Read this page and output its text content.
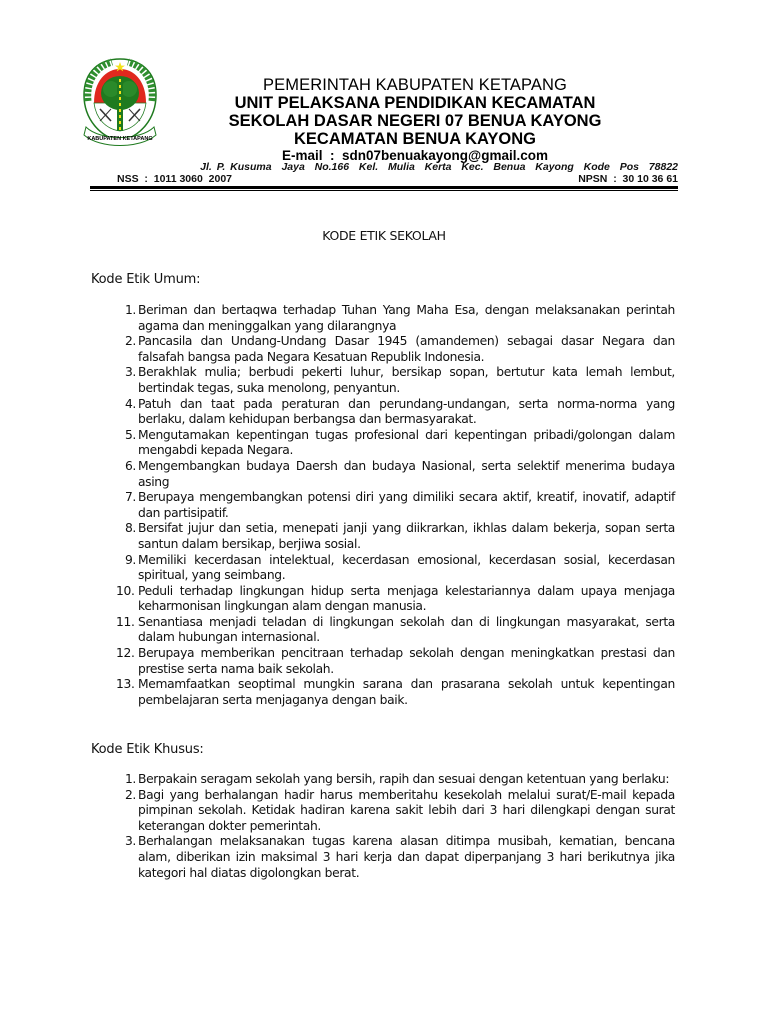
KABUPATEN KETAPANG
PEMERINTAH KABUPATEN KETAPANG
UNIT PELAKSANA PENDIDIKAN KECAMATAN
SEKOLAH DASAR NEGERI 07 BENUA KAYONG
KECAMATAN BENUA KAYONG
E-mail  :  sdn07benuakayong@gmail.com
Jl. P. Kusuma  Jaya  No.166  Kel.  Mulia  Kerta  Kec.  Benua  Kayong  Kode  Pos  78822
NSS  :  1011 3060  2007	NPSN  :  30 10 36 61
KODE ETIK SEKOLAH
Kode Etik Umum:
1. Beriman dan bertaqwa terhadap Tuhan Yang Maha Esa, dengan melaksanakan perintah agama dan meninggalkan yang dilarangnya
2. Pancasila dan Undang-Undang Dasar 1945 (amandemen) sebagai dasar Negara dan falsafah bangsa pada Negara Kesatuan Republik Indonesia.
3. Berakhlak mulia; berbudi pekerti luhur, bersikap sopan, bertutur kata lemah lembut, bertindak tegas, suka menolong, penyantun.
4. Patuh dan taat pada peraturan dan perundang-undangan, serta norma-norma yang berlaku, dalam kehidupan berbangsa dan bermasyarakat.
5. Mengutamakan kepentingan tugas profesional dari kepentingan pribadi/golongan dalam mengabdi kepada Negara.
6. Mengembangkan budaya Daersh dan budaya Nasional, serta selektif menerima budaya asing
7. Berupaya mengembangkan potensi diri yang dimiliki secara aktif, kreatif, inovatif, adaptif dan partisipatif.
8. Bersifat jujur dan setia, menepati janji yang diikrarkan, ikhlas dalam bekerja, sopan serta santun dalam bersikap, berjiwa sosial.
9. Memiliki kecerdasan intelektual, kecerdasan emosional, kecerdasan sosial, kecerdasan spiritual, yang seimbang.
10. Peduli terhadap lingkungan hidup serta menjaga kelestariannya dalam upaya menjaga keharmonisan lingkungan alam dengan manusia.
11. Senantiasa menjadi teladan di lingkungan sekolah dan di lingkungan masyarakat, serta dalam hubungan internasional.
12. Berupaya memberikan pencitraan terhadap sekolah dengan meningkatkan prestasi dan prestise serta nama baik sekolah.
13. Memamfaatkan seoptimal mungkin sarana dan prasarana sekolah untuk kepentingan pembelajaran serta menjaganya dengan baik.
Kode Etik Khusus:
1. Berpakain seragam sekolah yang bersih, rapih dan sesuai dengan ketentuan yang berlaku:
2. Bagi yang berhalangan hadir harus memberitahu kesekolah melalui surat/E-mail kepada pimpinan sekolah. Ketidak hadiran karena sakit lebih dari 3 hari dilengkapi dengan surat keterangan dokter pemerintah.
3. Berhalangan melaksanakan tugas karena alasan ditimpa musibah, kematian, bencana alam, diberikan izin maksimal 3 hari kerja dan dapat diperpanjang 3 hari berikutnya jika kategori hal diatas digolongkan berat.
